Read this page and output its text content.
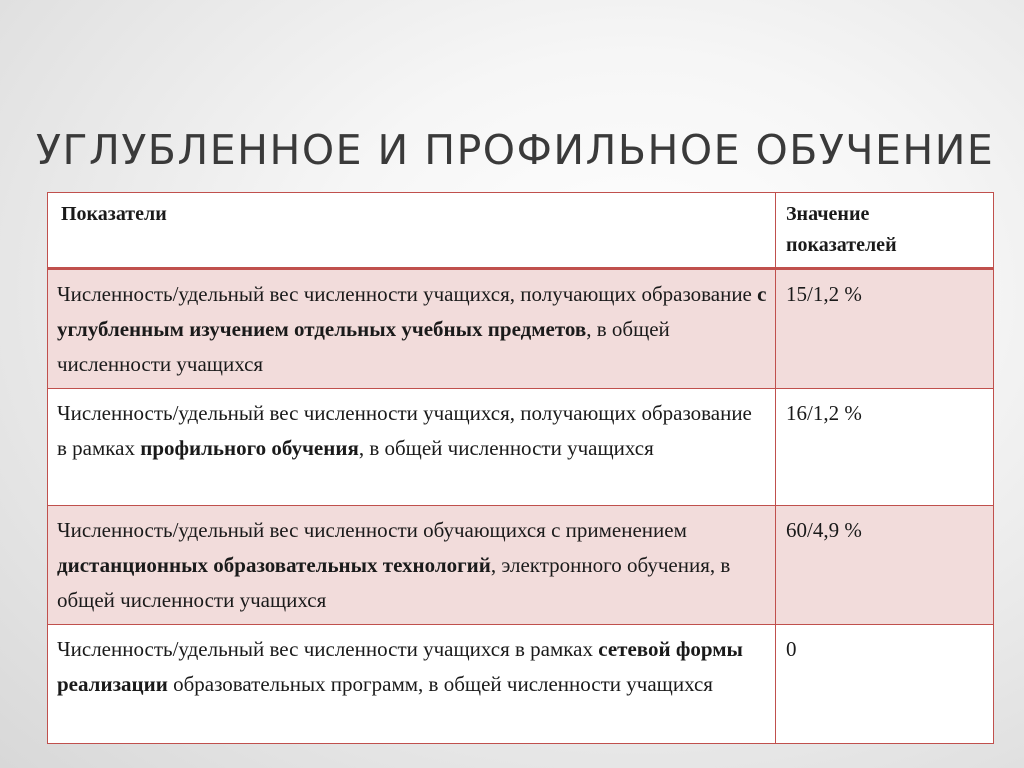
УГЛУБЛЕННОЕ И ПРОФИЛЬНОЕ ОБУЧЕНИЕ
Показатели	Значение показателей
Численность/удельный вес численности учащихся, получающих образование с углубленным изучением отдельных учебных предметов, в общей численности учащихся	15/1,2 %
Численность/удельный вес численности учащихся, получающих образование в рамках профильного обучения, в общей численности учащихся	16/1,2 %
Численность/удельный вес численности обучающихся с применением дистанционных образовательных технологий, электронного обучения, в общей численности учащихся	60/4,9 %
Численность/удельный вес численности учащихся в рамках сетевой формы реализации образовательных программ, в общей численности учащихся	0
